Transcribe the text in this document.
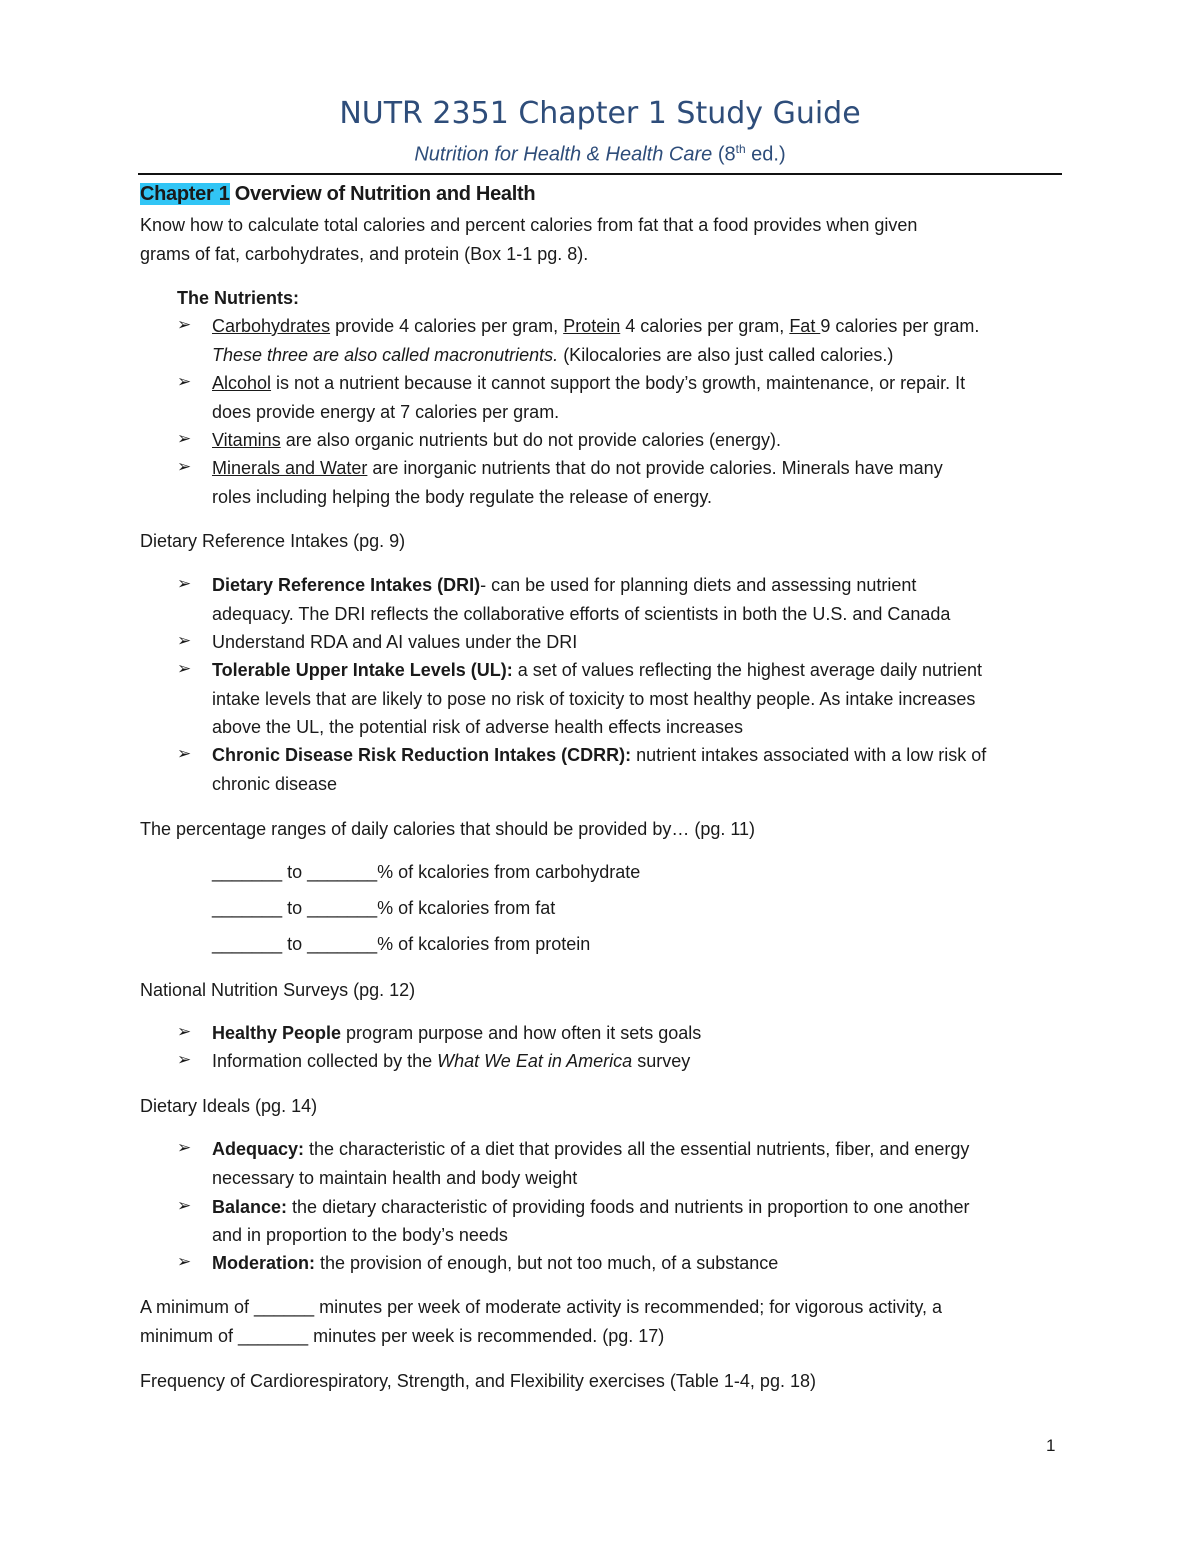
NUTR 2351 Chapter 1 Study Guide
Nutrition for Health & Health Care (8th ed.)
Chapter 1 Overview of Nutrition and Health
Know how to calculate total calories and percent calories from fat that a food provides when given
grams of fat, carbohydrates, and protein (Box 1-1 pg. 8).
The Nutrients:
➢ Carbohydrates provide 4 calories per gram, Protein 4 calories per gram, Fat 9 calories per gram.
These three are also called macronutrients. (Kilocalories are also just called calories.)
➢ Alcohol is not a nutrient because it cannot support the body’s growth, maintenance, or repair. It
does provide energy at 7 calories per gram.
➢ Vitamins are also organic nutrients but do not provide calories (energy).
➢ Minerals and Water are inorganic nutrients that do not provide calories. Minerals have many
roles including helping the body regulate the release of energy.
Dietary Reference Intakes (pg. 9)
➢ Dietary Reference Intakes (DRI)- can be used for planning diets and assessing nutrient
adequacy. The DRI reflects the collaborative efforts of scientists in both the U.S. and Canada
➢ Understand RDA and AI values under the DRI
➢ Tolerable Upper Intake Levels (UL): a set of values reflecting the highest average daily nutrient
intake levels that are likely to pose no risk of toxicity to most healthy people. As intake increases
above the UL, the potential risk of adverse health effects increases
➢ Chronic Disease Risk Reduction Intakes (CDRR): nutrient intakes associated with a low risk of
chronic disease
The percentage ranges of daily calories that should be provided by… (pg. 11)
_______ to _______% of kcalories from carbohydrate
_______ to _______% of kcalories from fat
_______ to _______% of kcalories from protein
National Nutrition Surveys (pg. 12)
➢ Healthy People program purpose and how often it sets goals
➢ Information collected by the What We Eat in America survey
Dietary Ideals (pg. 14)
➢ Adequacy: the characteristic of a diet that provides all the essential nutrients, fiber, and energy
necessary to maintain health and body weight
➢ Balance: the dietary characteristic of providing foods and nutrients in proportion to one another
and in proportion to the body’s needs
➢ Moderation: the provision of enough, but not too much, of a substance
A minimum of ______ minutes per week of moderate activity is recommended; for vigorous activity, a
minimum of _______ minutes per week is recommended. (pg. 17)
Frequency of Cardiorespiratory, Strength, and Flexibility exercises (Table 1-4, pg. 18)
1
